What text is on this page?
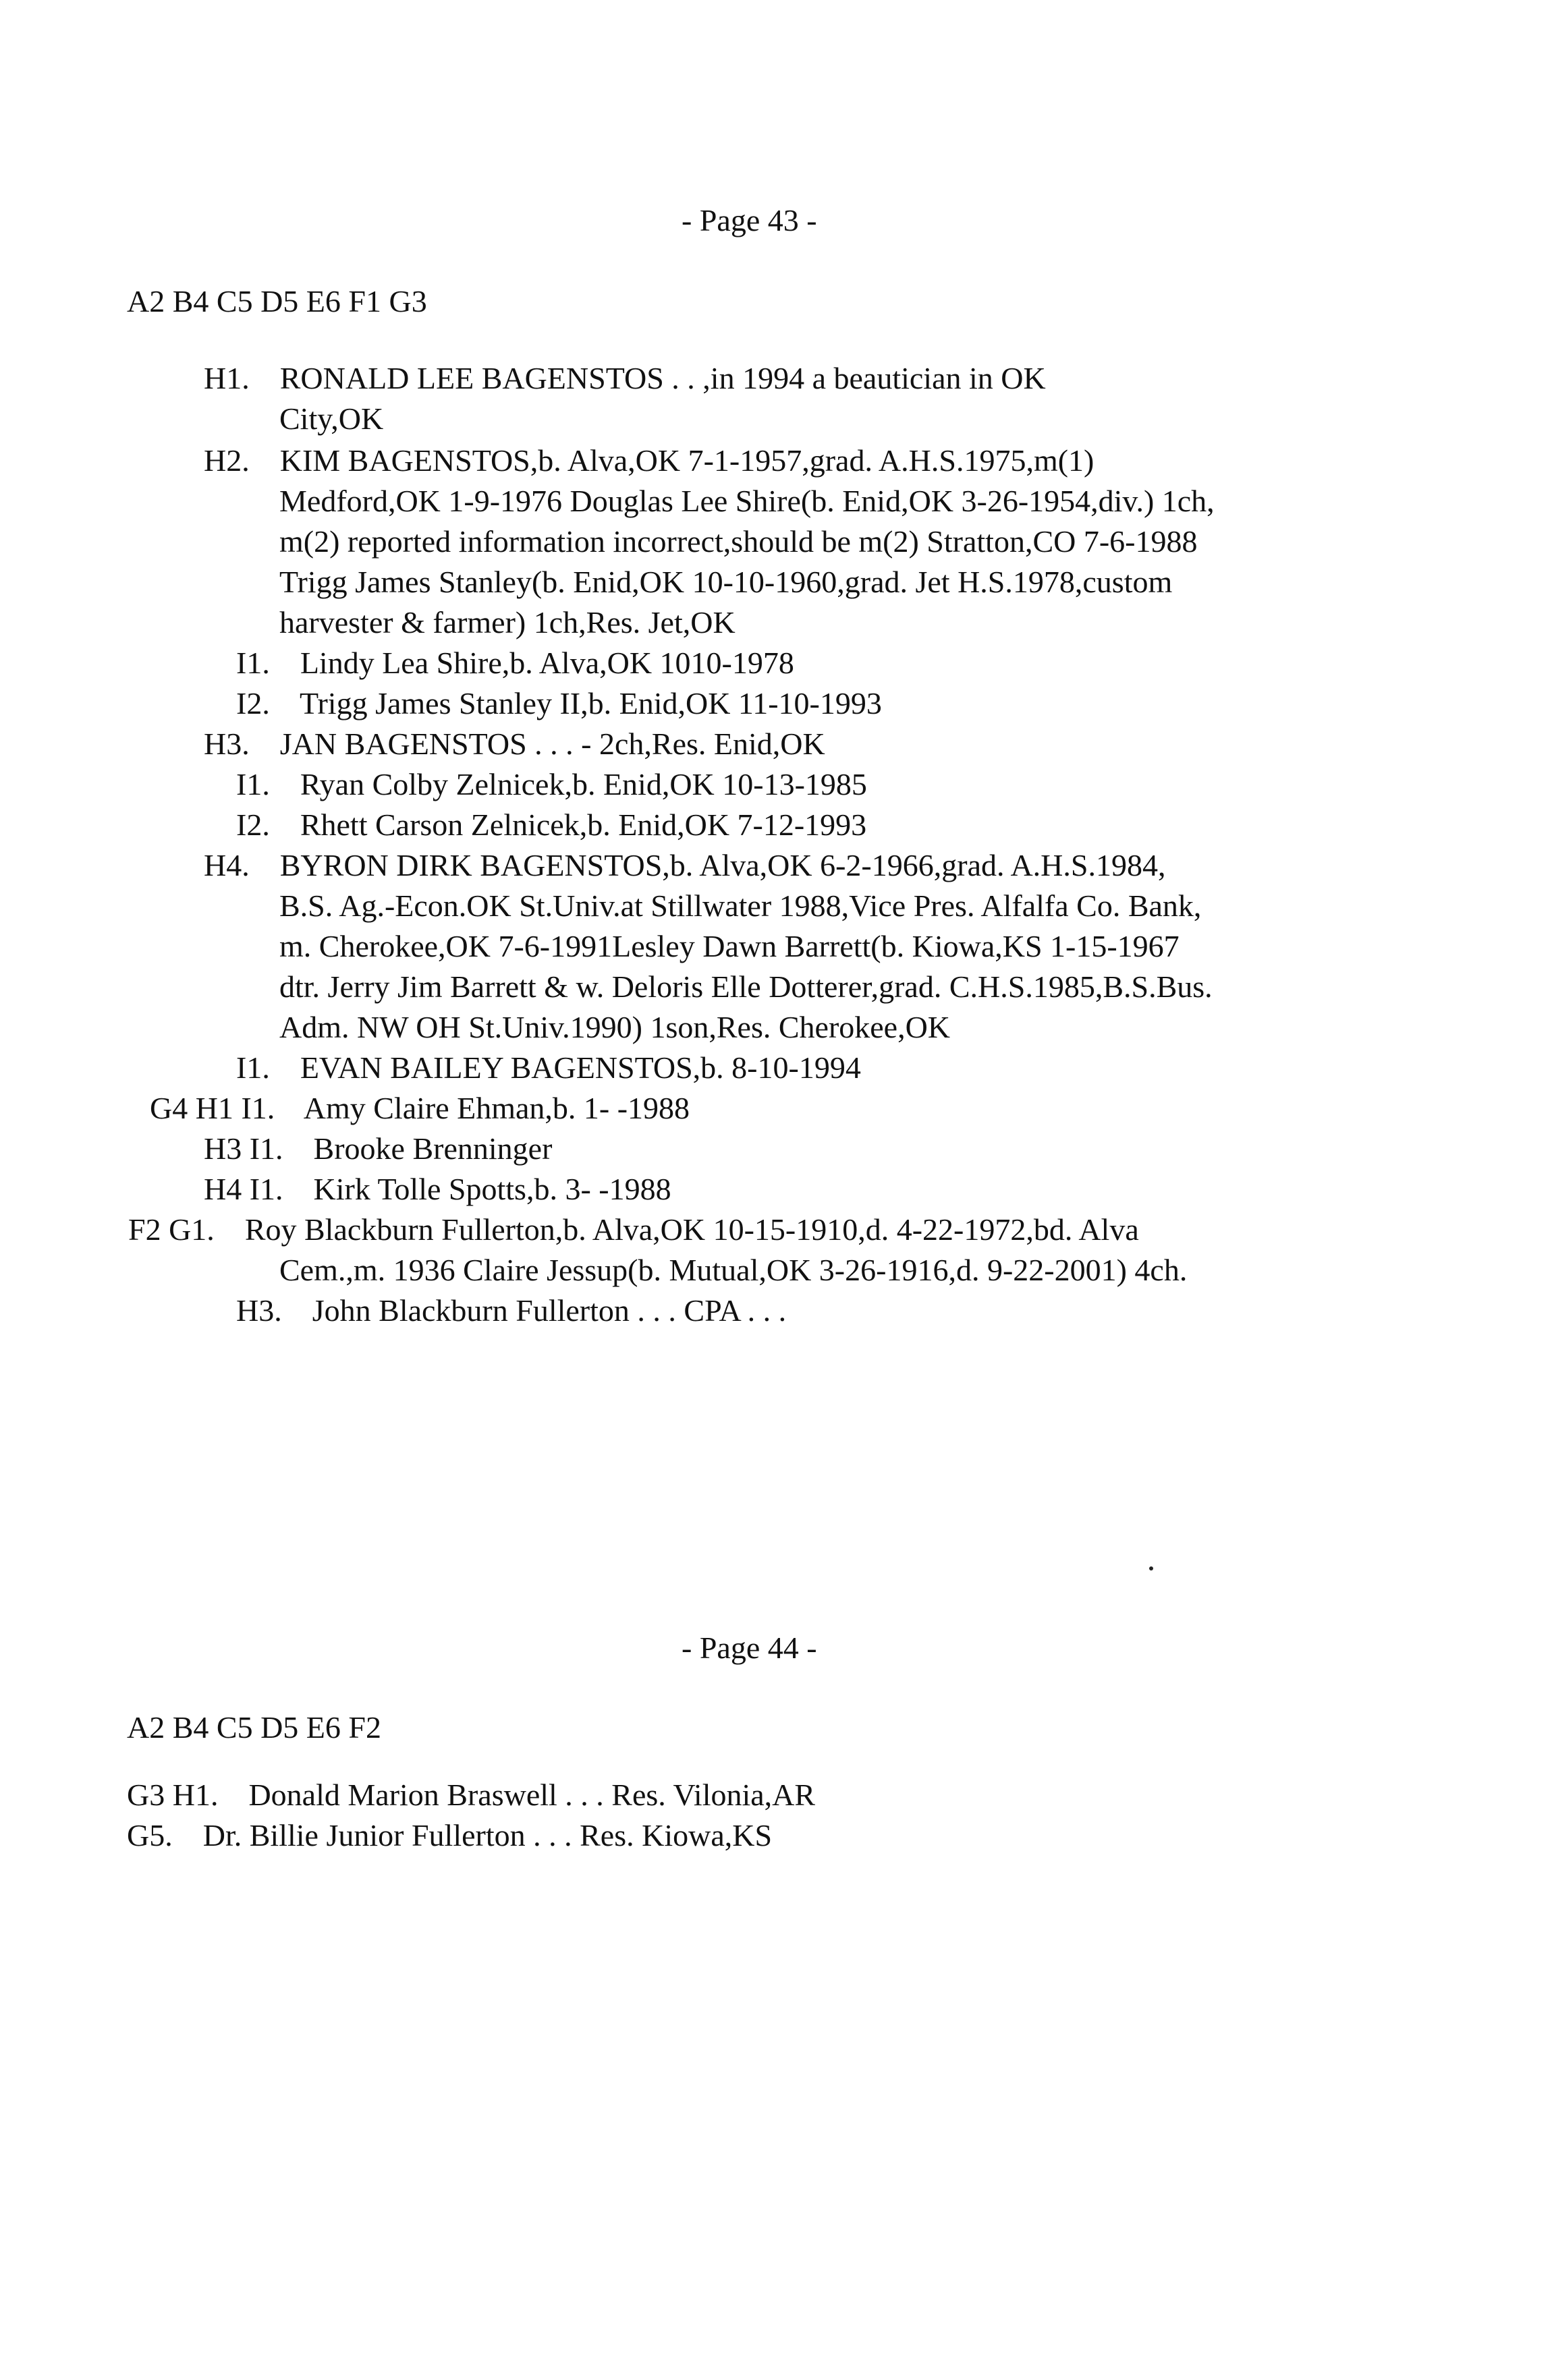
- Page 43 -
A2 B4 C5 D5 E6 F1 G3
H1. RONALD LEE BAGENSTOS . . ,in 1994 a beautician in OK
City,OK
H2. KIM BAGENSTOS,b. Alva,OK 7-1-1957,grad. A.H.S.1975,m(1)
Medford,OK 1-9-1976 Douglas Lee Shire(b. Enid,OK 3-26-1954,div.) 1ch,
m(2) reported information incorrect,should be m(2) Stratton,CO 7-6-1988
Trigg James Stanley(b. Enid,OK 10-10-1960,grad. Jet H.S.1978,custom
harvester & farmer) 1ch,Res. Jet,OK
I1. Lindy Lea Shire,b. Alva,OK 1010-1978
I2. Trigg James Stanley II,b. Enid,OK 11-10-1993
H3. JAN BAGENSTOS . . . - 2ch,Res. Enid,OK
I1. Ryan Colby Zelnicek,b. Enid,OK 10-13-1985
I2. Rhett Carson Zelnicek,b. Enid,OK 7-12-1993
H4. BYRON DIRK BAGENSTOS,b. Alva,OK 6-2-1966,grad. A.H.S.1984,
B.S. Ag.-Econ.OK St.Univ.at Stillwater 1988,Vice Pres. Alfalfa Co. Bank,
m. Cherokee,OK 7-6-1991Lesley Dawn Barrett(b. Kiowa,KS 1-15-1967
dtr. Jerry Jim Barrett & w. Deloris Elle Dotterer,grad. C.H.S.1985,B.S.Bus.
Adm. NW OH St.Univ.1990) 1son,Res. Cherokee,OK
I1. EVAN BAILEY BAGENSTOS,b. 8-10-1994
G4 H1 I1. Amy Claire Ehman,b. 1- -1988
H3 I1. Brooke Brenninger
H4 I1. Kirk Tolle Spotts,b. 3- -1988
F2 G1. Roy Blackburn Fullerton,b. Alva,OK 10-15-1910,d. 4-22-1972,bd. Alva
Cem.,m. 1936 Claire Jessup(b. Mutual,OK 3-26-1916,d. 9-22-2001) 4ch.
H3. John Blackburn Fullerton . . . CPA . . .
- Page 44 -
A2 B4 C5 D5 E6 F2
G3 H1. Donald Marion Braswell . . . Res. Vilonia,AR
G5. Dr. Billie Junior Fullerton . . . Res. Kiowa,KS
